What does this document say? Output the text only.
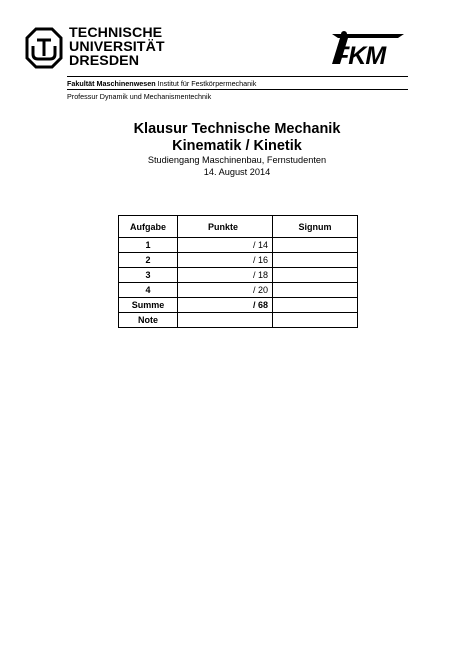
TECHNISCHE
UNIVERSITÄT
DRESDEN	FKM
Fakultät Maschinenwesen Institut für Festkörpermechanik
Professur Dynamik und Mechanismentechnik
Klausur Technische Mechanik
Kinematik / Kinetik
Studiengang Maschinenbau, Fernstudenten
14. August 2014
Aufgabe	Punkte	Signum
1	/ 14	
2	/ 16	
3	/ 18	
4	/ 20	
Summe	/ 68	
Note		
